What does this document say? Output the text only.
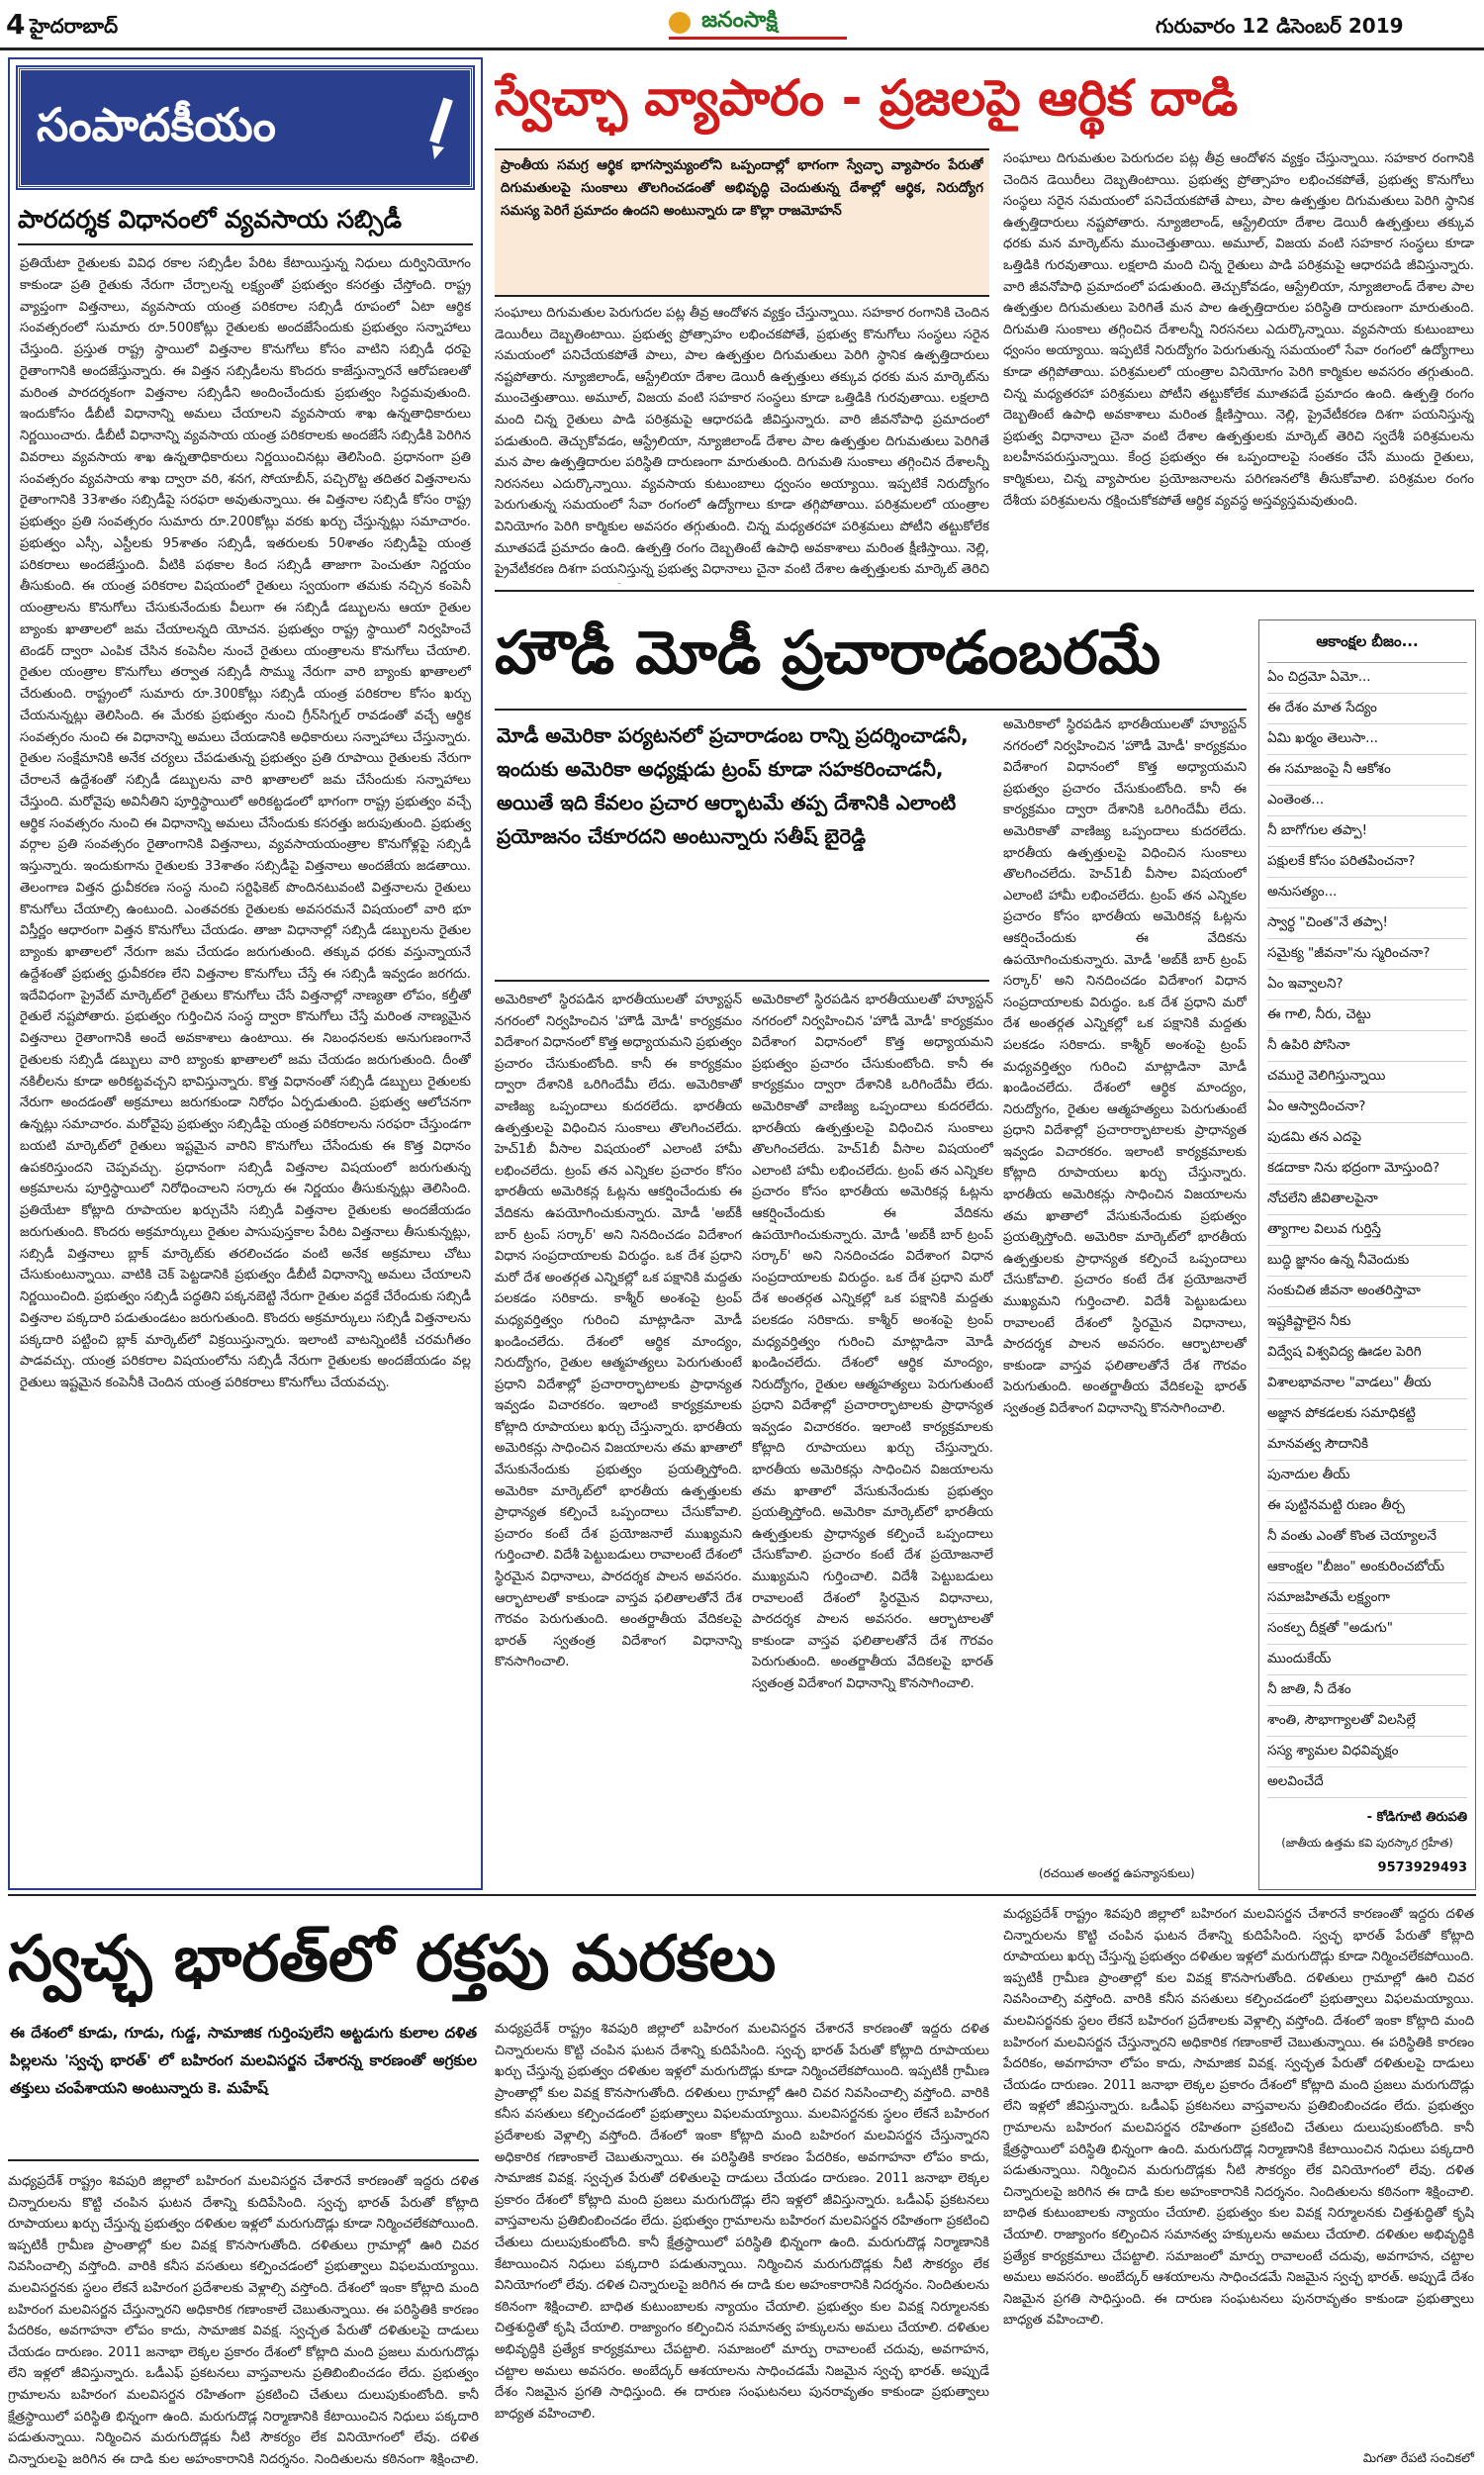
4 హైదరాబాద్‌	జనంసాక్షి	గురువారం 12 డిసెంబర్‌ 2019
సంపాదకీయం
పారదర్శక విధానంలో వ్యవసాయ సబ్సిడీ
ప్రతియేటా రైతులకు వివిధ రకాల సబ్సిడీల పేరిట కేటాయిస్తున్న నిధులు దుర్వినియోగం కాకుండా ప్రతి రైతుకు నేరుగా చేర్చాలన్న లక్ష్యంతో ప్రభుత్వం కసరత్తు చేస్తోంది. రాష్ట్ర వ్యాప్తంగా విత్తనాలు, వ్యవసాయ యంత్ర పరికరాల సబ్సిడీ రూపంలో ఏటా ఆర్థిక సంవత్సరంలో సుమారు రూ.500కోట్లు రైతులకు అందజేసేందుకు ప్రభుత్వం సన్నాహాలు చేస్తుంది. ప్రస్తుత రాష్ట్ర స్థాయిలో విత్తనాల కొనుగోలు కోసం వాటిని సబ్సిడీ ధరపై రైతాంగానికి అందజేస్తున్నారు. ఈ విత్తన సబ్సిడీలను కొందరు కాజేస్తున్నారనే ఆరోపణలతో మరింత పారదర్శకంగా విత్తనాల సబ్సిడీని అందించేందుకు ప్రభుత్వం సిద్ధమవుతుంది. ఇందుకోసం డీబీటీ విధానాన్ని అమలు చేయాలని వ్యవసాయ శాఖ ఉన్నతాధికారులు నిర్ణయించారు. డీబీటీ విధానాన్ని వ్యవసాయ యంత్ర పరికరాలకు అందజేసే సబ్సిడీకి పెరిగిన వివరాలు వ్యవసాయ శాఖ ఉన్నతాధికారులు నిర్ణయించినట్లు తెలిసింది. ప్రధానంగా ప్రతి సంవత్సరం వ్యవసాయ శాఖ ద్వారా వరి, శనగ, సోయాబీన్‌, పచ్చిరొట్ట తదితర విత్తనాలను రైతాంగానికి 33శాతం సబ్సిడీపై సరఫరా అవుతున్నాయి. ఈ విత్తనాల సబ్సిడీ కోసం రాష్ట్ర ప్రభుత్వం ప్రతి సంవత్సరం సుమారు రూ.200కోట్లు వరకు ఖర్చు చేస్తున్నట్లు సమాచారం. ప్రభుత్వం ఎస్సీ, ఎస్టీలకు 95శాతం సబ్సిడీ, ఇతరులకు 50శాతం సబ్సిడీపై యంత్ర పరికరాలు అందజేస్తుంది. వీటికి పథకాల కింద సబ్సిడీ తాజాగా పెంచుతూ నిర్ణయం తీసుకుంది. ఈ యంత్ర పరికరాల విషయంలో రైతులు స్వయంగా తమకు నచ్చిన కంపెనీ యంత్రాలను కొనుగోలు చేసుకునేందుకు వీలుగా ఈ సబ్సిడీ డబ్బులను ఆయా రైతుల బ్యాంకు ఖాతాలలో జమ చేయాలన్నది యోచన. ప్రభుత్వం రాష్ట్ర స్థాయిలో నిర్వహించే టెండర్‌ ద్వారా ఎంపిక చేసిన కంపెనీల నుంచే రైతులు యంత్రాలను కొనుగోలు చేయాలి. రైతుల యంత్రాల కొనుగోలు తర్వాత సబ్సిడీ సొమ్ము నేరుగా వారి బ్యాంకు ఖాతాలలో చేరుతుంది. రాష్ట్రంలో సుమారు రూ.300కోట్లు సబ్సిడీ యంత్ర పరికరాల కోసం ఖర్చు చేయనున్నట్లు తెలిసింది. ఈ మేరకు ప్రభుత్వం నుంచి గ్రీన్‌సిగ్నల్‌ రావడంతో వచ్చే ఆర్థిక సంవత్సరం నుంచి ఈ విధానాన్ని అమలు చేయడానికి అధికారులు సన్నాహాలు చేస్తున్నారు. రైతుల సంక్షేమానికి అనేక చర్యలు చేపడుతున్న ప్రభుత్వం ప్రతి రూపాయి రైతులకు నేరుగా చేరాలనే ఉద్దేశంతో సబ్సిడీ డబ్బులను వారి ఖాతాలలో జమ చేసేందుకు సన్నాహాలు చేస్తుంది. మరోవైపు అవినీతిని పూర్తిస్థాయిలో అరికట్టడంలో భాగంగా రాష్ట్ర ప్రభుత్వం వచ్చే ఆర్థిక సంవత్సరం నుంచి ఈ విధానాన్ని అమలు చేసేందుకు కసరత్తు జరుపుతుంది. ప్రభుత్వ వర్గాల ప్రతి సంవత్సరం రైతాంగానికి విత్తనాలు, వ్యవసాయయంత్రాల కొనుగోళ్లపై సబ్సిడీ ఇస్తున్నారు. ఇందుకుగాను రైతులకు 33శాతం సబ్సిడీపై విత్తనాలు అందజేయ జడతాయి. తెలంగాణ విత్తన ధ్రువీకరణ సంస్థ నుంచి సర్టిఫికెట్‌ పొందినటువంటి విత్తనాలను రైతులు కొనుగోలు చేయాల్సి ఉంటుంది. ఎంతవరకు రైతులకు అవసరమనే విషయంలో వారి భూ విస్తీర్ణం ఆధారంగా విత్తన కొనుగోలు చేయడం. తాజా విధానాల్లో సబ్సిడీ డబ్బులను రైతుల బ్యాంకు ఖాతాలలో నేరుగా జమ చేయడం జరుగుతుంది. తక్కువ ధరకు వస్తున్నాయనే ఉద్దేశంతో ప్రభుత్వ ధ్రువీకరణ లేని విత్తనాల కొనుగోలు చేస్తే ఈ సబ్సిడీ ఇవ్వడం జరగదు. ఇదేవిధంగా ప్రైవేట్‌ మార్కెట్‌లో రైతులు కొనుగోలు చేసే విత్తనాల్లో నాణ్యతా లోపం, కల్తీతో రైతులే నష్టపోతారు. ప్రభుత్వం గుర్తించిన సంస్థ ద్వారా కొనుగోలు చేస్తే మరింత నాణ్యమైన విత్తనాలు రైతాంగానికి అందే అవకాశాలు ఉంటాయి. ఈ నిబంధనలకు అనుగుణంగానే రైతులకు సబ్సిడీ డబ్బులు వారి బ్యాంకు ఖాతాలలో జమ చేయడం జరుగుతుంది. దీంతో నకిలీలను కూడా అరికట్టవచ్చని భావిస్తున్నారు. కొత్త విధానంతో సబ్సిడీ డబ్బులు రైతులకు నేరుగా అందడంతో అక్రమాలు జరుగకుండా నిరోధం ఏర్పడుతుంది. ప్రభుత్వ ఆలోచనగా ఉన్నట్లు సమాచారం. మరోవైపు ప్రభుత్వం సబ్సిడీపై యంత్ర పరికరాలను సరఫరా చేస్తుండగా బయటి మార్కెట్‌లో రైతులు ఇష్టమైన వారిని కొనుగోలు చేసేందుకు ఈ కొత్త విధానం ఉపకరిస్తుందని చెప్పవచ్చు. ప్రధానంగా సబ్సిడీ విత్తనాల విషయంలో జరుగుతున్న అక్రమాలను పూర్తిస్థాయిలో నిరోధించాలని సర్కారు ఈ నిర్ణయం తీసుకున్నట్లు తెలిసింది. ప్రతియేటా కోట్లాది రూపాయల ఖర్చుచేసి సబ్సిడీ విత్తనాల రైతులకు అందజేయడం జరుగుతుంది. కొందరు అక్రమార్కులు రైతుల పాసుపుస్తకాల పేరిట విత్తనాలు తీసుకున్నట్లు, సబ్సిడీ విత్తనాలు బ్లాక్‌ మార్కెట్‌కు తరలించడం వంటి అనేక అక్రమాలు చోటు చేసుకుంటున్నాయి. వాటికి చెక్‌ పెట్టడానికి ప్రభుత్వం డీబీటీ విధానాన్ని అమలు చేయాలని నిర్ణయించింది. ప్రభుత్వం సబ్సిడీ పద్ధతిని పక్కనబెట్టి నేరుగా రైతుల వద్దకే చేరేందుకు సబ్సిడీ విత్తనాల పక్కదారి పడుతుండటం జరుగుతుంది. కొందరు అక్రమార్కులు సబ్సిడీ విత్తనాలను పక్కదారి పట్టించి బ్లాక్‌ మార్కెట్‌లో విక్రయిస్తున్నారు. ఇలాంటి వాటన్నింటికీ చరమగీతం పాడవచ్చు. యంత్ర పరికరాల విషయంలోను సబ్సిడీ నేరుగా రైతులకు అందజేయడం వల్ల రైతులు ఇష్టమైన కంపెనీకి చెందిన యంత్ర పరికరాలు కొనుగోలు చేయవచ్చు.
స్వేచ్ఛా వ్యాపారం - ప్రజలపై ఆర్థిక దాడి
ప్రాంతీయ సమగ్ర ఆర్థిక భాగస్వామ్యంలోని ఒప్పందాల్లో భాగంగా స్వేచ్ఛా వ్యాపారం పేరుతో దిగుమతులపై సుంకాలు తొలగించడంతో అభివృద్ధి చెందుతున్న దేశాల్లో ఆర్థిక, నిరుద్యోగ సమస్య పెరిగే ప్రమాదం ఉందని అంటున్నారు డా కొల్లా రాజమోహన్‌
సంఘాలు దిగుమతుల పెరుగుదల పట్ల తీవ్ర ఆందోళన వ్యక్తం చేస్తున్నాయి. సహకార రంగానికి చెందిన డెయిరీలు దెబ్బతింటాయి. ప్రభుత్వ ప్రోత్సాహం లభించకపోతే, ప్రభుత్వ కొనుగోలు సంస్థలు సరైన సమయంలో పనిచేయకపోతే పాలు, పాల ఉత్పత్తుల దిగుమతులు పెరిగి స్థానిక ఉత్పత్తిదారులు నష్టపోతారు. న్యూజిలాండ్‌, ఆస్ట్రేలియా దేశాల డెయిరీ ఉత్పత్తులు తక్కువ ధరకు మన మార్కెట్‌ను ముంచెత్తుతాయి. అమూల్‌, విజయ వంటి సహకార సంస్థలు కూడా ఒత్తిడికి గురవుతాయి. లక్షలాది మంది చిన్న రైతులు పాడి పరిశ్రమపై ఆధారపడి జీవిస్తున్నారు. వారి జీవనోపాధి ప్రమాదంలో పడుతుంది. తెచ్చుకోవడం, ఆస్ట్రేలియా, న్యూజిలాండ్‌ దేశాల పాల ఉత్పత్తుల దిగుమతులు పెరిగితే మన పాల ఉత్పత్తిదారుల పరిస్థితి దారుణంగా మారుతుంది. దిగుమతి సుంకాలు తగ్గించిన దేశాలన్నీ నిరసనలు ఎదుర్కొన్నాయి. వ్యవసాయ కుటుంబాలు ధ్వంసం అయ్యాయి. ఇప్పటికే నిరుద్యోగం పెరుగుతున్న సమయంలో సేవా రంగంలో ఉద్యోగాలు కూడా తగ్గిపోతాయి. పరిశ్రమలలో యంత్రాల వినియోగం పెరిగి కార్మికుల అవసరం తగ్గుతుంది. చిన్న మధ్యతరహా పరిశ్రమలు పోటీని తట్టుకోలేక మూతపడే ప్రమాదం ఉంది. ఉత్పత్తి రంగం దెబ్బతింటే ఉపాధి అవకాశాలు మరింత క్షీణిస్తాయి. నెల్లి, ప్రైవేటీకరణ దిశగా పయనిస్తున్న ప్రభుత్వ విధానాలు చైనా వంటి దేశాల ఉత్పత్తులకు మార్కెట్‌ తెరిచి
సంఘాలు దిగుమతుల పెరుగుదల పట్ల తీవ్ర ఆందోళన వ్యక్తం చేస్తున్నాయి. సహకార రంగానికి చెందిన డెయిరీలు దెబ్బతింటాయి. ప్రభుత్వ ప్రోత్సాహం లభించకపోతే, ప్రభుత్వ కొనుగోలు సంస్థలు సరైన సమయంలో పనిచేయకపోతే పాలు, పాల ఉత్పత్తుల దిగుమతులు పెరిగి స్థానిక ఉత్పత్తిదారులు నష్టపోతారు. న్యూజిలాండ్‌, ఆస్ట్రేలియా దేశాల డెయిరీ ఉత్పత్తులు తక్కువ ధరకు మన మార్కెట్‌ను ముంచెత్తుతాయి. అమూల్‌, విజయ వంటి సహకార సంస్థలు కూడా ఒత్తిడికి గురవుతాయి. లక్షలాది మంది చిన్న రైతులు పాడి పరిశ్రమపై ఆధారపడి జీవిస్తున్నారు. వారి జీవనోపాధి ప్రమాదంలో పడుతుంది. తెచ్చుకోవడం, ఆస్ట్రేలియా, న్యూజిలాండ్‌ దేశాల పాల ఉత్పత్తుల దిగుమతులు పెరిగితే మన పాల ఉత్పత్తిదారుల పరిస్థితి దారుణంగా మారుతుంది. దిగుమతి సుంకాలు తగ్గించిన దేశాలన్నీ నిరసనలు ఎదుర్కొన్నాయి. వ్యవసాయ కుటుంబాలు ధ్వంసం అయ్యాయి. ఇప్పటికే నిరుద్యోగం పెరుగుతున్న సమయంలో సేవా రంగంలో ఉద్యోగాలు కూడా తగ్గిపోతాయి. పరిశ్రమలలో యంత్రాల వినియోగం పెరిగి కార్మికుల అవసరం తగ్గుతుంది. చిన్న మధ్యతరహా పరిశ్రమలు పోటీని తట్టుకోలేక మూతపడే ప్రమాదం ఉంది. ఉత్పత్తి రంగం దెబ్బతింటే ఉపాధి అవకాశాలు మరింత క్షీణిస్తాయి. నెల్లి, ప్రైవేటీకరణ దిశగా పయనిస్తున్న ప్రభుత్వ విధానాలు చైనా వంటి దేశాల ఉత్పత్తులకు మార్కెట్‌ తెరిచి స్వదేశీ పరిశ్రమలను బలహీనపరుస్తున్నాయి. కేంద్ర ప్రభుత్వం ఈ ఒప్పందాలపై సంతకం చేసే ముందు రైతులు, కార్మికులు, చిన్న వ్యాపారుల ప్రయోజనాలను పరిగణనలోకి తీసుకోవాలి. పరిశ్రమల రంగం దేశీయ పరిశ్రమలను రక్షించుకోకపోతే ఆర్థిక వ్యవస్థ అస్తవ్యస్తమవుతుంది.
హౌడీ మోడీ ప్రచారాడంబరమే
మోడీ అమెరికా పర్యటనలో ప్రచారాడంబ రాన్ని ప్రదర్శించాడనీ, ఇందుకు అమెరికా అధ్యక్షుడు ట్రంప్‌ కూడా సహకరించాడనీ, అయితే ఇది కేవలం ప్రచార ఆర్భాటమే తప్ప దేశానికి ఎలాంటి ప్రయోజనం చేకూరదని అంటున్నారు సతీష్‌ బైరెడ్డి
అమెరికాలో స్థిరపడిన భారతీయులతో హ్యూస్టన్‌ నగరంలో నిర్వహించిన 'హౌడీ మోడీ' కార్యక్రమం విదేశాంగ విధానంలో కొత్త అధ్యాయమని ప్రభుత్వం ప్రచారం చేసుకుంటోంది. కానీ ఈ కార్యక్రమం ద్వారా దేశానికి ఒరిగిందేమీ లేదు. అమెరికాతో వాణిజ్య ఒప్పందాలు కుదరలేదు. భారతీయ ఉత్పత్తులపై విధించిన సుంకాలు తొలగించలేదు. హెచ్‌1బీ వీసాల విషయంలో ఎలాంటి హామీ లభించలేదు. ట్రంప్‌ తన ఎన్నికల ప్రచారం కోసం భారతీయ అమెరికన్ల ఓట్లను ఆకర్షించేందుకు ఈ వేదికను ఉపయోగించుకున్నారు. మోడీ 'అబ్‌కీ బార్‌ ట్రంప్‌ సర్కార్‌' అని నినదించడం విదేశాంగ విధాన సంప్రదాయాలకు విరుద్ధం. ఒక దేశ ప్రధాని మరో దేశ అంతర్గత ఎన్నికల్లో ఒక పక్షానికి మద్దతు పలకడం సరికాదు. కాశ్మీర్‌ అంశంపై ట్రంప్‌ మధ్యవర్తిత్వం గురించి మాట్లాడినా మోడీ ఖండించలేదు. దేశంలో ఆర్థిక మాంద్యం, నిరుద్యోగం, రైతుల ఆత్మహత్యలు పెరుగుతుంటే ప్రధాని విదేశాల్లో ప్రచారార్భాటాలకు ప్రాధాన్యత ఇవ్వడం విచారకరం. ఇలాంటి కార్యక్రమాలకు కోట్లాది రూపాయలు ఖర్చు చేస్తున్నారు. భారతీయ అమెరికన్లు సాధించిన విజయాలను తమ ఖాతాలో వేసుకునేందుకు ప్రభుత్వం ప్రయత్నిస్తోంది. అమెరికా మార్కెట్‌లో భారతీయ ఉత్పత్తులకు ప్రాధాన్యత కల్పించే ఒప్పందాలు చేసుకోవాలి. ప్రచారం కంటే దేశ ప్రయోజనాలే ముఖ్యమని గుర్తించాలి. విదేశీ పెట్టుబడులు రావాలంటే దేశంలో స్థిరమైన విధానాలు, పారదర్శక పాలన అవసరం. ఆర్భాటాలతో కాకుండా వాస్తవ ఫలితాలతోనే దేశ గౌరవం పెరుగుతుంది. అంతర్జాతీయ వేదికలపై భారత్‌ స్వతంత్ర విదేశాంగ విధానాన్ని కొనసాగించాలి.
అమెరికాలో స్థిరపడిన భారతీయులతో హ్యూస్టన్‌ నగరంలో నిర్వహించిన 'హౌడీ మోడీ' కార్యక్రమం విదేశాంగ విధానంలో కొత్త అధ్యాయమని ప్రభుత్వం ప్రచారం చేసుకుంటోంది. కానీ ఈ కార్యక్రమం ద్వారా దేశానికి ఒరిగిందేమీ లేదు. అమెరికాతో వాణిజ్య ఒప్పందాలు కుదరలేదు. భారతీయ ఉత్పత్తులపై విధించిన సుంకాలు తొలగించలేదు. హెచ్‌1బీ వీసాల విషయంలో ఎలాంటి హామీ లభించలేదు. ట్రంప్‌ తన ఎన్నికల ప్రచారం కోసం భారతీయ అమెరికన్ల ఓట్లను ఆకర్షించేందుకు ఈ వేదికను ఉపయోగించుకున్నారు. మోడీ 'అబ్‌కీ బార్‌ ట్రంప్‌ సర్కార్‌' అని నినదించడం విదేశాంగ విధాన సంప్రదాయాలకు విరుద్ధం. ఒక దేశ ప్రధాని మరో దేశ అంతర్గత ఎన్నికల్లో ఒక పక్షానికి మద్దతు పలకడం సరికాదు. కాశ్మీర్‌ అంశంపై ట్రంప్‌ మధ్యవర్తిత్వం గురించి మాట్లాడినా మోడీ ఖండించలేదు. దేశంలో ఆర్థిక మాంద్యం, నిరుద్యోగం, రైతుల ఆత్మహత్యలు పెరుగుతుంటే ప్రధాని విదేశాల్లో ప్రచారార్భాటాలకు ప్రాధాన్యత ఇవ్వడం విచారకరం. ఇలాంటి కార్యక్రమాలకు కోట్లాది రూపాయలు ఖర్చు చేస్తున్నారు. భారతీయ అమెరికన్లు సాధించిన విజయాలను తమ ఖాతాలో వేసుకునేందుకు ప్రభుత్వం ప్రయత్నిస్తోంది. అమెరికా మార్కెట్‌లో భారతీయ ఉత్పత్తులకు ప్రాధాన్యత కల్పించే ఒప్పందాలు చేసుకోవాలి. ప్రచారం కంటే దేశ ప్రయోజనాలే ముఖ్యమని గుర్తించాలి. విదేశీ పెట్టుబడులు రావాలంటే దేశంలో స్థిరమైన విధానాలు, పారదర్శక పాలన అవసరం. ఆర్భాటాలతో కాకుండా వాస్తవ ఫలితాలతోనే దేశ గౌరవం పెరుగుతుంది. అంతర్జాతీయ వేదికలపై భారత్‌ స్వతంత్ర విదేశాంగ విధానాన్ని కొనసాగించాలి.
అమెరికాలో స్థిరపడిన భారతీయులతో హ్యూస్టన్‌ నగరంలో నిర్వహించిన 'హౌడీ మోడీ' కార్యక్రమం విదేశాంగ విధానంలో కొత్త అధ్యాయమని ప్రభుత్వం ప్రచారం చేసుకుంటోంది. కానీ ఈ కార్యక్రమం ద్వారా దేశానికి ఒరిగిందేమీ లేదు. అమెరికాతో వాణిజ్య ఒప్పందాలు కుదరలేదు. భారతీయ ఉత్పత్తులపై విధించిన సుంకాలు తొలగించలేదు. హెచ్‌1బీ వీసాల విషయంలో ఎలాంటి హామీ లభించలేదు. ట్రంప్‌ తన ఎన్నికల ప్రచారం కోసం భారతీయ అమెరికన్ల ఓట్లను ఆకర్షించేందుకు ఈ వేదికను ఉపయోగించుకున్నారు. మోడీ 'అబ్‌కీ బార్‌ ట్రంప్‌ సర్కార్‌' అని నినదించడం విదేశాంగ విధాన సంప్రదాయాలకు విరుద్ధం. ఒక దేశ ప్రధాని మరో దేశ అంతర్గత ఎన్నికల్లో ఒక పక్షానికి మద్దతు పలకడం సరికాదు. కాశ్మీర్‌ అంశంపై ట్రంప్‌ మధ్యవర్తిత్వం గురించి మాట్లాడినా మోడీ ఖండించలేదు. దేశంలో ఆర్థిక మాంద్యం, నిరుద్యోగం, రైతుల ఆత్మహత్యలు పెరుగుతుంటే ప్రధాని విదేశాల్లో ప్రచారార్భాటాలకు ప్రాధాన్యత ఇవ్వడం విచారకరం. ఇలాంటి కార్యక్రమాలకు కోట్లాది రూపాయలు ఖర్చు చేస్తున్నారు. భారతీయ అమెరికన్లు సాధించిన విజయాలను తమ ఖాతాలో వేసుకునేందుకు ప్రభుత్వం ప్రయత్నిస్తోంది. అమెరికా మార్కెట్‌లో భారతీయ ఉత్పత్తులకు ప్రాధాన్యత కల్పించే ఒప్పందాలు చేసుకోవాలి. ప్రచారం కంటే దేశ ప్రయోజనాలే ముఖ్యమని గుర్తించాలి. విదేశీ పెట్టుబడులు రావాలంటే దేశంలో స్థిరమైన విధానాలు, పారదర్శక పాలన అవసరం. ఆర్భాటాలతో కాకుండా వాస్తవ ఫలితాలతోనే దేశ గౌరవం పెరుగుతుంది. అంతర్జాతీయ వేదికలపై భారత్‌ స్వతంత్ర విదేశాంగ విధానాన్ని కొనసాగించాలి.
(రచయిత అంతర్జ ఉపన్యాసకులు)
ఆకాంక్షల బీజం...
ఏం చిద్రమో ఏమో...
ఈ దేశం మాత సేద్యం
ఏమి ఖర్మం తెలుసా...
ఈ సమాజంపై నీ ఆకోశం
ఎంతెంత...
నీ బాగోగుల తప్పా!
పక్షులకే కోసం పరితపించనా?
అనుసత్యం...
స్వార్థ "చింత"నే తప్పా!
సమైక్య "జీవనా"ను స్మరించనా?
ఏం ఇవ్వాలని?
ఈ గాలి, నీరు, చెట్టు
నీ ఉపిరి పోసినా
చమురై వెలిగిస్తున్నాయి
ఏం ఆస్వాదించనా?
పుడమి తన ఎదపై
కడదాకా నిను భద్రంగా మోస్తుంది?
నోచలేని జీవితాలపైనా
త్యాగాల విలువ గుర్తిస్తే
బుద్ధి జ్ఞానం ఉన్న నీవెందుకు
సంకుచిత జీవనా అంతరిస్తావా
ఇష్టకిష్టాలైన నీకు
విద్వేష విశ్వవిద్య ఊడల పెరిగి
విశాలభావనాల "వాడలు" తీయ
అజ్ఞాన పోకడలకు సమాధికట్టి
మానవత్వ సౌదానికి
పునాదుల తీయ్‌
ఈ పుట్టినమట్టి రుణం తీర్చ
నీ వంతు ఎంతో కొంత చెయ్యాలనే
ఆకాంక్షల "బీజం" అంకురించబోయ్‌
సమాజహితమే లక్ష్యంగా
సంకల్ప దీక్షతో "అడుగు"
ముందుకేయ్‌
నీ జాతి, నీ దేశం
శాంతి, సౌభాగ్యాలతో విలసిల్లే
సస్య శ్యామల విధవివృక్షం
అలవించేదే
- కోడిగూటి తిరుపతి
(జాతీయ ఉత్తమ కవి పురస్కార గ్రహీత)
9573929493
స్వచ్ఛ భారత్‌లో రక్తపు మరకలు
ఈ దేశంలో కూడు, గూడు, గుడ్డ, సామాజిక గుర్తింపులేని అట్టడుగు కులాల దళిత పిల్లలను 'స్వచ్ఛ భారత్‌' లో బహిరంగ మలవిసర్జన చేశారన్న కారణంతో అగ్రకుల తక్తులు చంపేశాయని అంటున్నారు కె. మహేష్‌
మధ్యప్రదేశ్‌ రాష్ట్రం శివపురి జిల్లాలో బహిరంగ మలవిసర్జన చేశారనే కారణంతో ఇద్దరు దళిత చిన్నారులను కొట్టి చంపిన ఘటన దేశాన్ని కుదిపేసింది. స్వచ్ఛ భారత్‌ పేరుతో కోట్లాది రూపాయలు ఖర్చు చేస్తున్న ప్రభుత్వం దళితుల ఇళ్లలో మరుగుదొడ్లు కూడా నిర్మించలేకపోయింది. ఇప్పటికీ గ్రామీణ ప్రాంతాల్లో కుల వివక్ష కొనసాగుతోంది. దళితులు గ్రామాల్లో ఊరి చివర నివసించాల్సి వస్తోంది. వారికి కనీస వసతులు కల్పించడంలో ప్రభుత్వాలు విఫలమయ్యాయి. మలవిసర్జనకు స్థలం లేకనే బహిరంగ ప్రదేశాలకు వెళ్లాల్సి వస్తోంది. దేశంలో ఇంకా కోట్లాది మంది బహిరంగ మలవిసర్జన చేస్తున్నారని అధికారిక గణాంకాలే చెబుతున్నాయి. ఈ పరిస్థితికి కారణం పేదరికం, అవగాహనా లోపం కాదు, సామాజిక వివక్ష. స్వచ్ఛత పేరుతో దళితులపై దాడులు చేయడం దారుణం. 2011 జనాభా లెక్కల ప్రకారం దేశంలో కోట్లాది మంది ప్రజలు మరుగుదొడ్లు లేని ఇళ్లలో జీవిస్తున్నారు. ఒడీఎఫ్‌ ప్రకటనలు వాస్తవాలను ప్రతిబింబించడం లేదు. ప్రభుత్వం గ్రామాలను బహిరంగ మలవిసర్జన రహితంగా ప్రకటించి చేతులు దులుపుకుంటోంది. కానీ క్షేత్రస్థాయిలో పరిస్థితి భిన్నంగా ఉంది. మరుగుదొడ్ల నిర్మాణానికి కేటాయించిన నిధులు పక్కదారి పడుతున్నాయి. నిర్మించిన మరుగుదొడ్లకు నీటి సౌకర్యం లేక వినియోగంలో లేవు. దళిత చిన్నారులపై జరిగిన ఈ దాడి కుల అహంకారానికి నిదర్శనం. నిందితులను కఠినంగా శిక్షించాలి.
మధ్యప్రదేశ్‌ రాష్ట్రం శివపురి జిల్లాలో బహిరంగ మలవిసర్జన చేశారనే కారణంతో ఇద్దరు దళిత చిన్నారులను కొట్టి చంపిన ఘటన దేశాన్ని కుదిపేసింది. స్వచ్ఛ భారత్‌ పేరుతో కోట్లాది రూపాయలు ఖర్చు చేస్తున్న ప్రభుత్వం దళితుల ఇళ్లలో మరుగుదొడ్లు కూడా నిర్మించలేకపోయింది. ఇప్పటికీ గ్రామీణ ప్రాంతాల్లో కుల వివక్ష కొనసాగుతోంది. దళితులు గ్రామాల్లో ఊరి చివర నివసించాల్సి వస్తోంది. వారికి కనీస వసతులు కల్పించడంలో ప్రభుత్వాలు విఫలమయ్యాయి. మలవిసర్జనకు స్థలం లేకనే బహిరంగ ప్రదేశాలకు వెళ్లాల్సి వస్తోంది. దేశంలో ఇంకా కోట్లాది మంది బహిరంగ మలవిసర్జన చేస్తున్నారని అధికారిక గణాంకాలే చెబుతున్నాయి. ఈ పరిస్థితికి కారణం పేదరికం, అవగాహనా లోపం కాదు, సామాజిక వివక్ష. స్వచ్ఛత పేరుతో దళితులపై దాడులు చేయడం దారుణం. 2011 జనాభా లెక్కల ప్రకారం దేశంలో కోట్లాది మంది ప్రజలు మరుగుదొడ్లు లేని ఇళ్లలో జీవిస్తున్నారు. ఒడీఎఫ్‌ ప్రకటనలు వాస్తవాలను ప్రతిబింబించడం లేదు. ప్రభుత్వం గ్రామాలను బహిరంగ మలవిసర్జన రహితంగా ప్రకటించి చేతులు దులుపుకుంటోంది. కానీ క్షేత్రస్థాయిలో పరిస్థితి భిన్నంగా ఉంది. మరుగుదొడ్ల నిర్మాణానికి కేటాయించిన నిధులు పక్కదారి పడుతున్నాయి. నిర్మించిన మరుగుదొడ్లకు నీటి సౌకర్యం లేక వినియోగంలో లేవు. దళిత చిన్నారులపై జరిగిన ఈ దాడి కుల అహంకారానికి నిదర్శనం. నిందితులను కఠినంగా శిక్షించాలి. బాధిత కుటుంబాలకు న్యాయం చేయాలి. ప్రభుత్వం కుల వివక్ష నిర్మూలనకు చిత్తశుద్ధితో కృషి చేయాలి. రాజ్యాంగం కల్పించిన సమానత్వ హక్కులను అమలు చేయాలి. దళితుల అభివృద్ధికి ప్రత్యేక కార్యక్రమాలు చేపట్టాలి. సమాజంలో మార్పు రావాలంటే చదువు, అవగాహన, చట్టాల అమలు అవసరం. అంబేద్కర్‌ ఆశయాలను సాధించడమే నిజమైన స్వచ్ఛ భారత్‌. అప్పుడే దేశం నిజమైన ప్రగతి సాధిస్తుంది. ఈ దారుణ సంఘటనలు పునరావృతం కాకుండా ప్రభుత్వాలు బాధ్యత వహించాలి.
మధ్యప్రదేశ్‌ రాష్ట్రం శివపురి జిల్లాలో బహిరంగ మలవిసర్జన చేశారనే కారణంతో ఇద్దరు దళిత చిన్నారులను కొట్టి చంపిన ఘటన దేశాన్ని కుదిపేసింది. స్వచ్ఛ భారత్‌ పేరుతో కోట్లాది రూపాయలు ఖర్చు చేస్తున్న ప్రభుత్వం దళితుల ఇళ్లలో మరుగుదొడ్లు కూడా నిర్మించలేకపోయింది. ఇప్పటికీ గ్రామీణ ప్రాంతాల్లో కుల వివక్ష కొనసాగుతోంది. దళితులు గ్రామాల్లో ఊరి చివర నివసించాల్సి వస్తోంది. వారికి కనీస వసతులు కల్పించడంలో ప్రభుత్వాలు విఫలమయ్యాయి. మలవిసర్జనకు స్థలం లేకనే బహిరంగ ప్రదేశాలకు వెళ్లాల్సి వస్తోంది. దేశంలో ఇంకా కోట్లాది మంది బహిరంగ మలవిసర్జన చేస్తున్నారని అధికారిక గణాంకాలే చెబుతున్నాయి. ఈ పరిస్థితికి కారణం పేదరికం, అవగాహనా లోపం కాదు, సామాజిక వివక్ష. స్వచ్ఛత పేరుతో దళితులపై దాడులు చేయడం దారుణం. 2011 జనాభా లెక్కల ప్రకారం దేశంలో కోట్లాది మంది ప్రజలు మరుగుదొడ్లు లేని ఇళ్లలో జీవిస్తున్నారు. ఒడీఎఫ్‌ ప్రకటనలు వాస్తవాలను ప్రతిబింబించడం లేదు. ప్రభుత్వం గ్రామాలను బహిరంగ మలవిసర్జన రహితంగా ప్రకటించి చేతులు దులుపుకుంటోంది. కానీ క్షేత్రస్థాయిలో పరిస్థితి భిన్నంగా ఉంది. మరుగుదొడ్ల నిర్మాణానికి కేటాయించిన నిధులు పక్కదారి పడుతున్నాయి. నిర్మించిన మరుగుదొడ్లకు నీటి సౌకర్యం లేక వినియోగంలో లేవు. దళిత చిన్నారులపై జరిగిన ఈ దాడి కుల అహంకారానికి నిదర్శనం. నిందితులను కఠినంగా శిక్షించాలి. బాధిత కుటుంబాలకు న్యాయం చేయాలి. ప్రభుత్వం కుల వివక్ష నిర్మూలనకు చిత్తశుద్ధితో కృషి చేయాలి. రాజ్యాంగం కల్పించిన సమానత్వ హక్కులను అమలు చేయాలి. దళితుల అభివృద్ధికి ప్రత్యేక కార్యక్రమాలు చేపట్టాలి. సమాజంలో మార్పు రావాలంటే చదువు, అవగాహన, చట్టాల అమలు అవసరం. అంబేద్కర్‌ ఆశయాలను సాధించడమే నిజమైన స్వచ్ఛ భారత్‌. అప్పుడే దేశం నిజమైన ప్రగతి సాధిస్తుంది. ఈ దారుణ సంఘటనలు పునరావృతం కాకుండా ప్రభుత్వాలు బాధ్యత వహించాలి.
మిగతా రేపటి సంచికలో
